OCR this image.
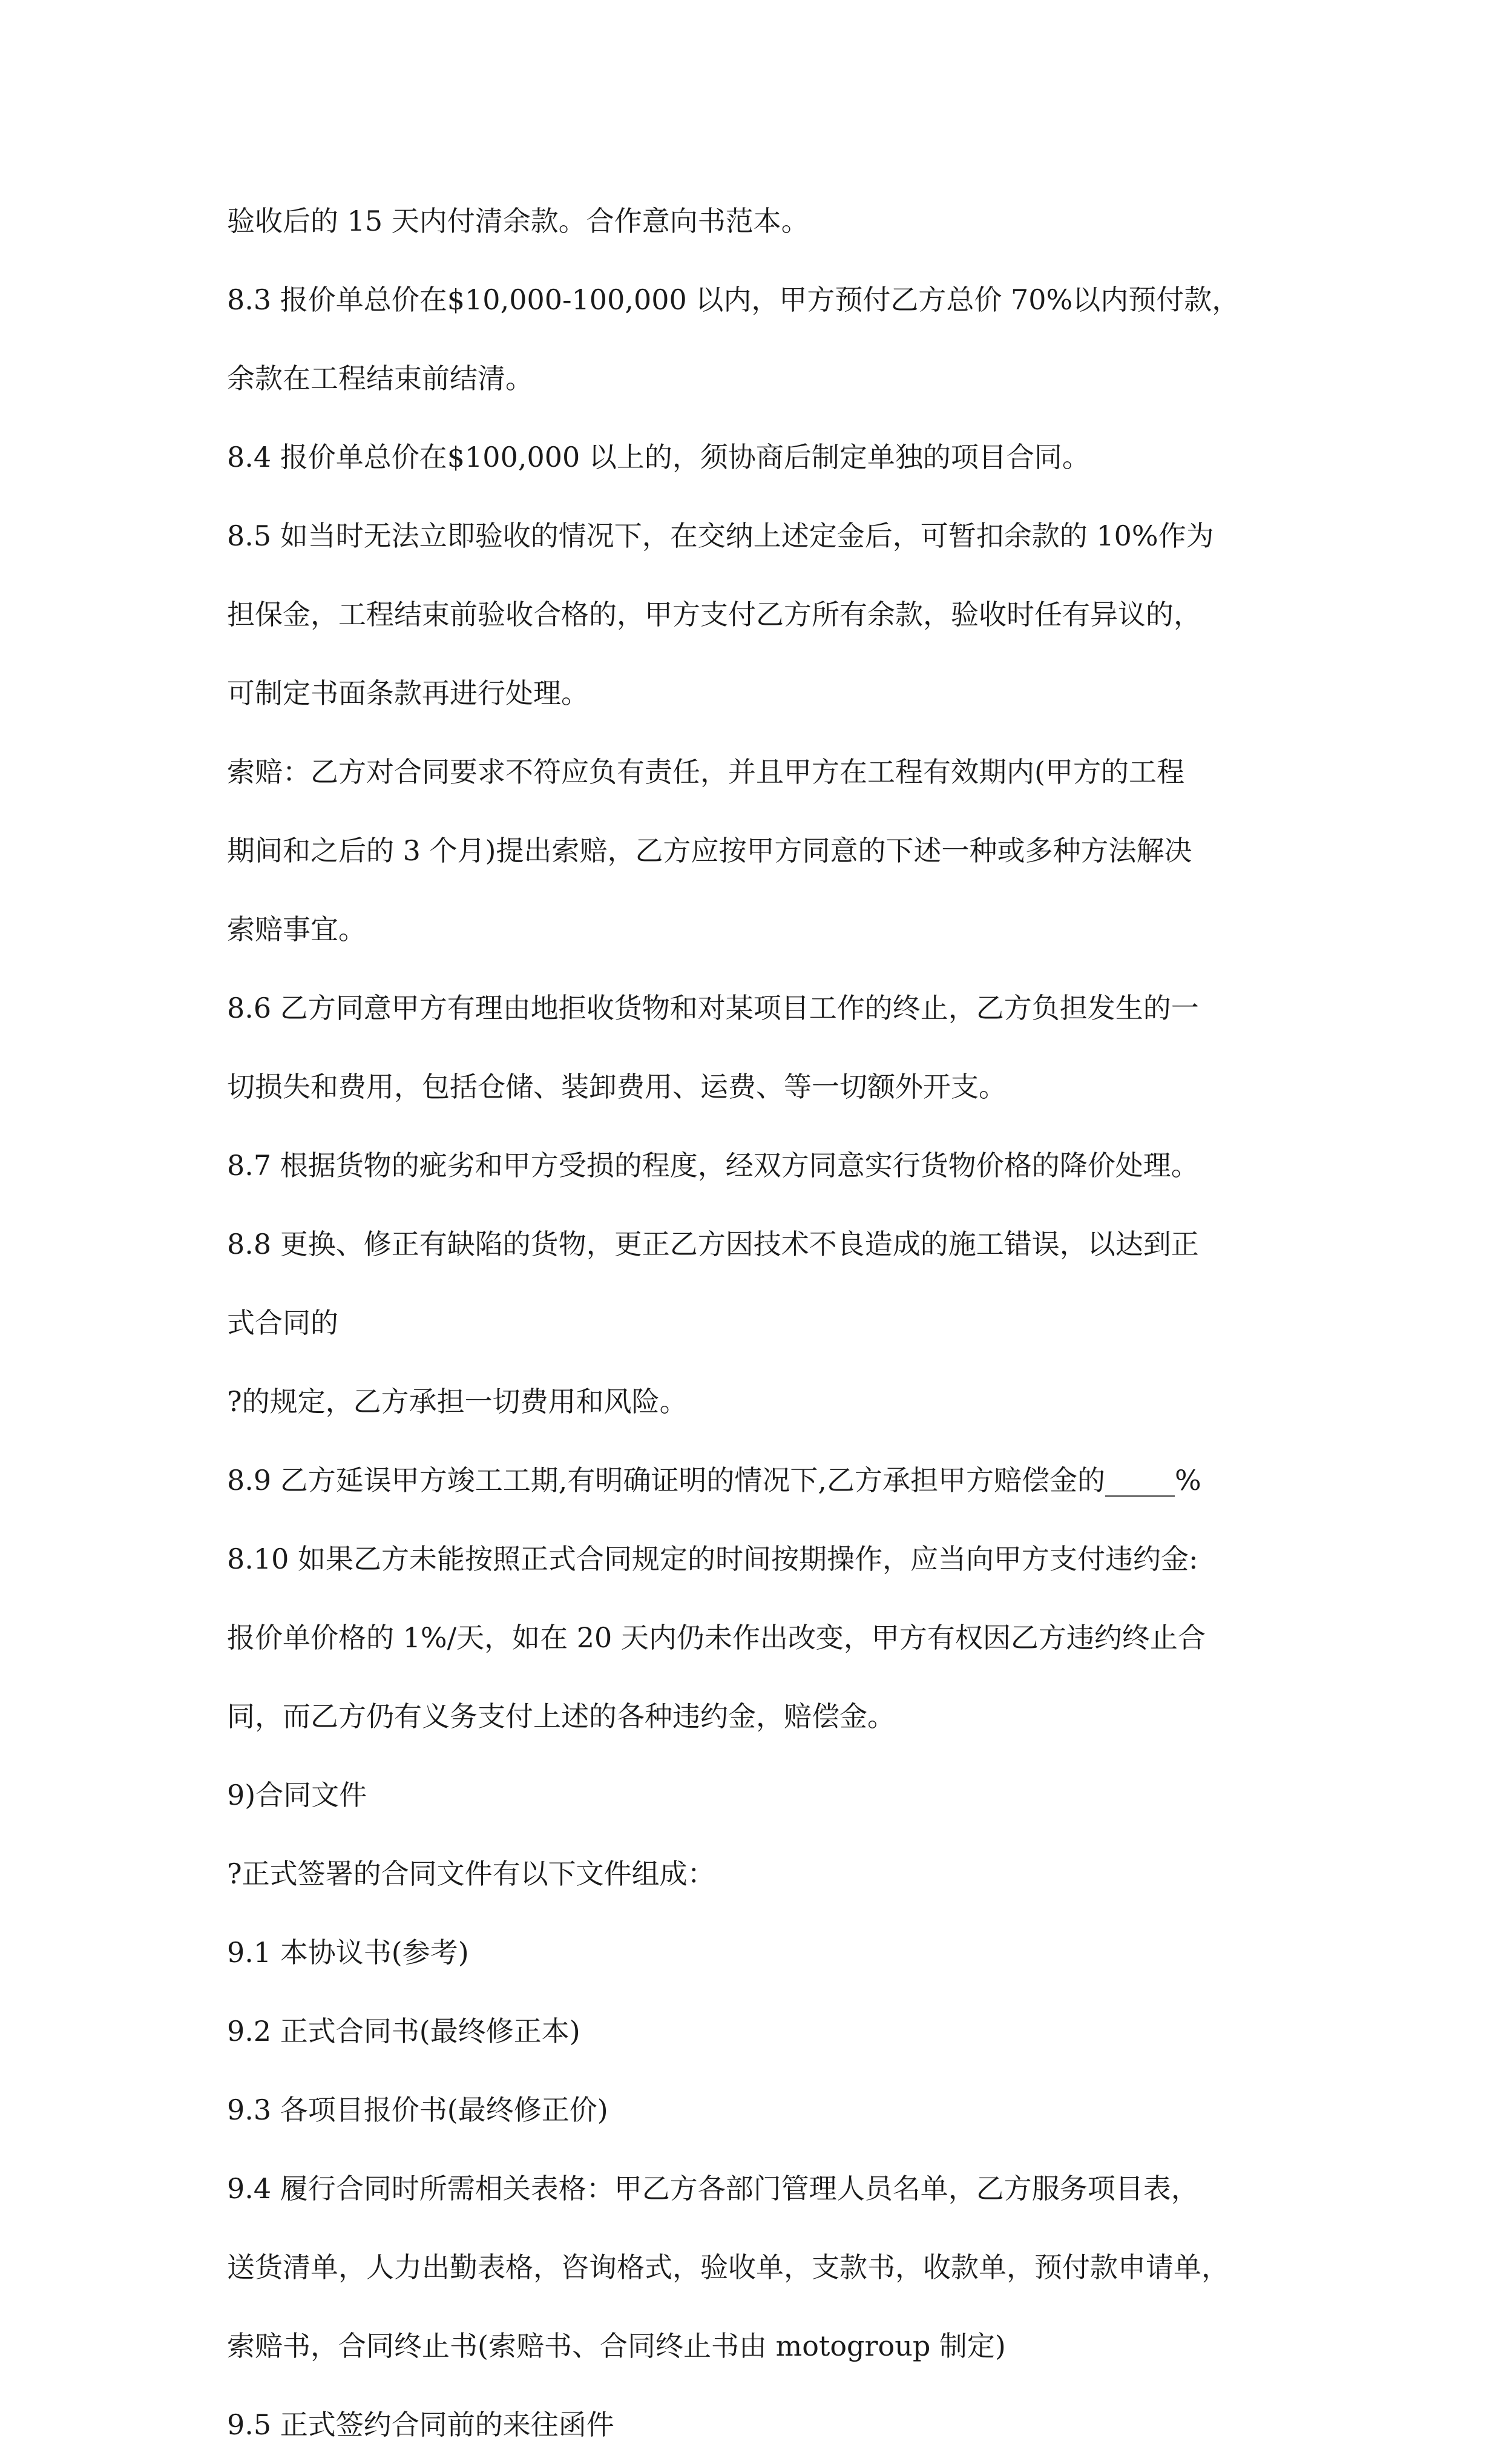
验收后的 15 天内付清余款。合作意向书范本。
8.3 报价单总价在$10,000-100,000 以内，甲方预付乙方总价 70%以内预付款，
余款在工程结束前结清。
8.4 报价单总价在$100,000 以上的，须协商后制定单独的项目合同。
8.5 如当时无法立即验收的情况下，在交纳上述定金后，可暂扣余款的 10%作为
担保金，工程结束前验收合格的，甲方支付乙方所有余款，验收时任有异议的，
可制定书面条款再进行处理。
索赔：乙方对合同要求不符应负有责任，并且甲方在工程有效期内(甲方的工程
期间和之后的 3 个月)提出索赔，乙方应按甲方同意的下述一种或多种方法解决
索赔事宜。
8.6 乙方同意甲方有理由地拒收货物和对某项目工作的终止，乙方负担发生的一
切损失和费用，包括仓储、装卸费用、运费、等一切额外开支。
8.7 根据货物的疵劣和甲方受损的程度，经双方同意实行货物价格的降价处理。
8.8 更换、修正有缺陷的货物，更正乙方因技术不良造成的施工错误，以达到正
式合同的
?的规定，乙方承担一切费用和风险。
8.9 乙方延误甲方竣工工期,有明确证明的情况下,乙方承担甲方赔偿金的_____%
8.10 如果乙方未能按照正式合同规定的时间按期操作，应当向甲方支付违约金:
报价单价格的 1%/天，如在 20 天内仍未作出改变，甲方有权因乙方违约终止合
同，而乙方仍有义务支付上述的各种违约金，赔偿金。
9)合同文件
?正式签署的合同文件有以下文件组成：
9.1 本协议书(参考)
9.2 正式合同书(最终修正本)
9.3 各项目报价书(最终修正价)
9.4 履行合同时所需相关表格：甲乙方各部门管理人员名单，乙方服务项目表，
送货清单，人力出勤表格，咨询格式，验收单，支款书，收款单，预付款申请单，
索赔书，合同终止书(索赔书、合同终止书由 motogroup 制定)
9.5 正式签约合同前的来往函件
